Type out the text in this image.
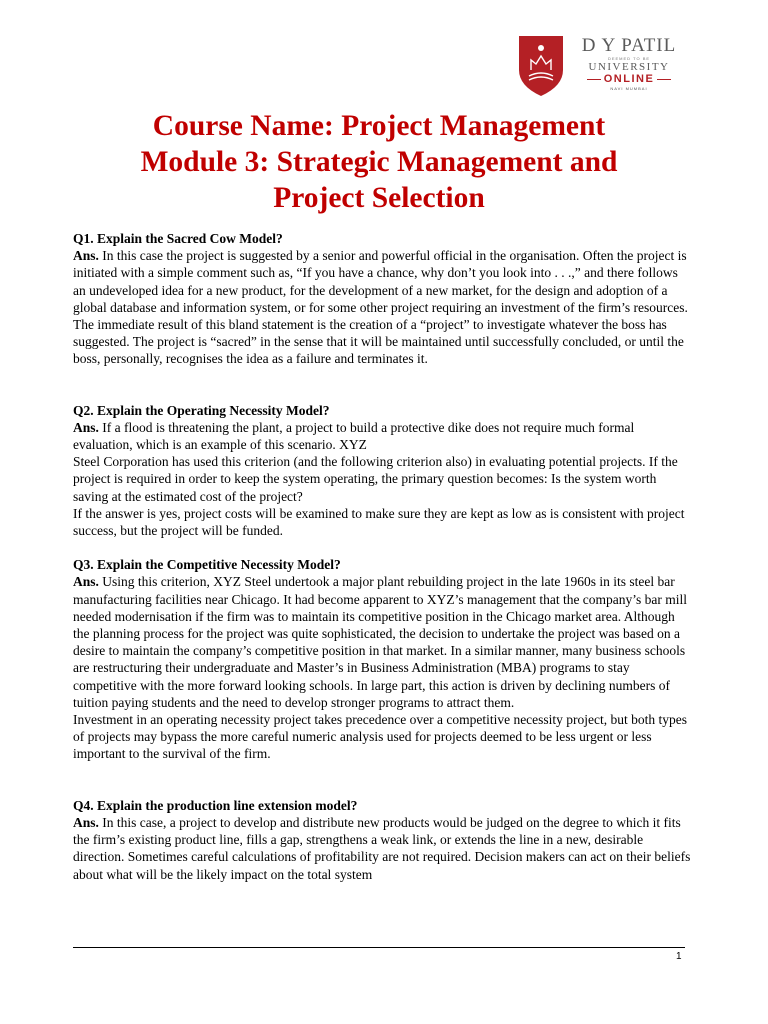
D Y PATIL
DEEMED TO BE
UNIVERSITY
ONLINE
NAVI MUMBAI
Course Name: Project Management
Module 3: Strategic Management and
Project Selection

Q1. Explain the Sacred Cow Model?

Ans. In this case the project is suggested by a senior and powerful official in the organisation. Often the project is initiated with a simple comment such as, “If you have a chance, why don’t you look into . . .,” and there follows an undeveloped idea for a new product, for the development of a new market, for the design and adoption of a global database and information system, or for some other project requiring an investment of the firm’s resources. The immediate result of this bland statement is the creation of a “project” to investigate whatever the boss has suggested. The project is “sacred” in the sense that it will be maintained until successfully concluded, or until the boss, personally, recognises the idea as a failure and terminates it.

Q2. Explain the Operating Necessity Model?

Ans. If a flood is threatening the plant, a project to build a protective dike does not require much formal evaluation, which is an example of this scenario. XYZ

Steel Corporation has used this criterion (and the following criterion also) in evaluating potential projects. If the project is required in order to keep the system operating, the primary question becomes: Is the system worth saving at the estimated cost of the project?

If the answer is yes, project costs will be examined to make sure they are kept as low as is consistent with project success, but the project will be funded.

Q3. Explain the Competitive Necessity Model?

Ans. Using this criterion, XYZ Steel undertook a major plant rebuilding project in the late 1960s in its steel bar manufacturing facilities near Chicago. It had become apparent to XYZ’s management that the company’s bar mill needed modernisation if the firm was to maintain its competitive position in the Chicago market area. Although the planning process for the project was quite sophisticated, the decision to undertake the project was based on a desire to maintain the company’s competitive position in that market. In a similar manner, many business schools are restructuring their undergraduate and Master’s in Business Administration (MBA) programs to stay competitive with the more forward looking schools. In large part, this action is driven by declining numbers of tuition paying students and the need to develop stronger programs to attract them.

Investment in an operating necessity project takes precedence over a competitive necessity project, but both types of projects may bypass the more careful numeric analysis used for projects deemed to be less urgent or less important to the survival of the firm.

Q4. Explain the production line extension model?

Ans. In this case, a project to develop and distribute new products would be judged on the degree to which it fits the firm’s existing product line, fills a gap, strengthens a weak link, or extends the line in a new, desirable direction. Sometimes careful calculations of profitability are not required. Decision makers can act on their beliefs about what will be the likely impact on the total system

1
